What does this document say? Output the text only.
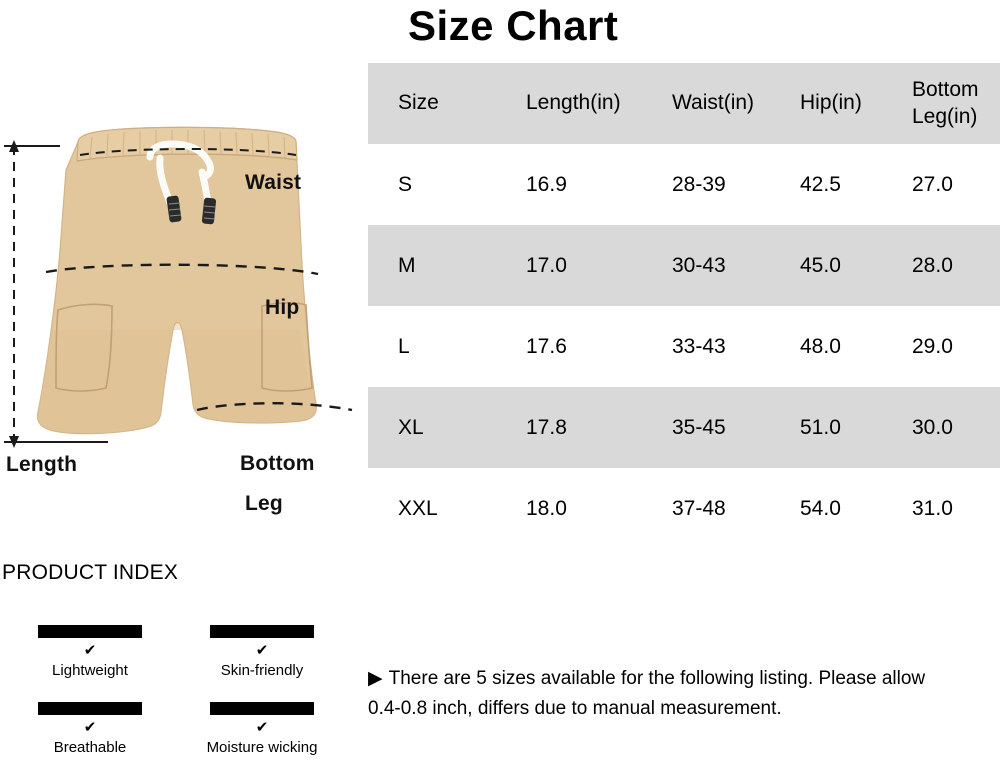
Waist
Hip
Length	Bottom
Leg
Size Chart
Size	Length(in)	Waist(in)	Hip(in)	Bottom
Leg(in)

S	16.9	28-39	42.5	27.0
M	17.0	30-43	45.0	28.0
L	17.6	33-43	48.0	29.0
XL	17.8	35-45	51.0	30.0
XXL	18.0	37-48	54.0	31.0
PRODUCT INDEX
✔
Lightweight
✔
Skin-friendly
✔
Breathable
✔
Moisture wicking
▶ There are 5 sizes available for the following listing. Please allow
0.4-0.8 inch, differs due to manual measurement.
